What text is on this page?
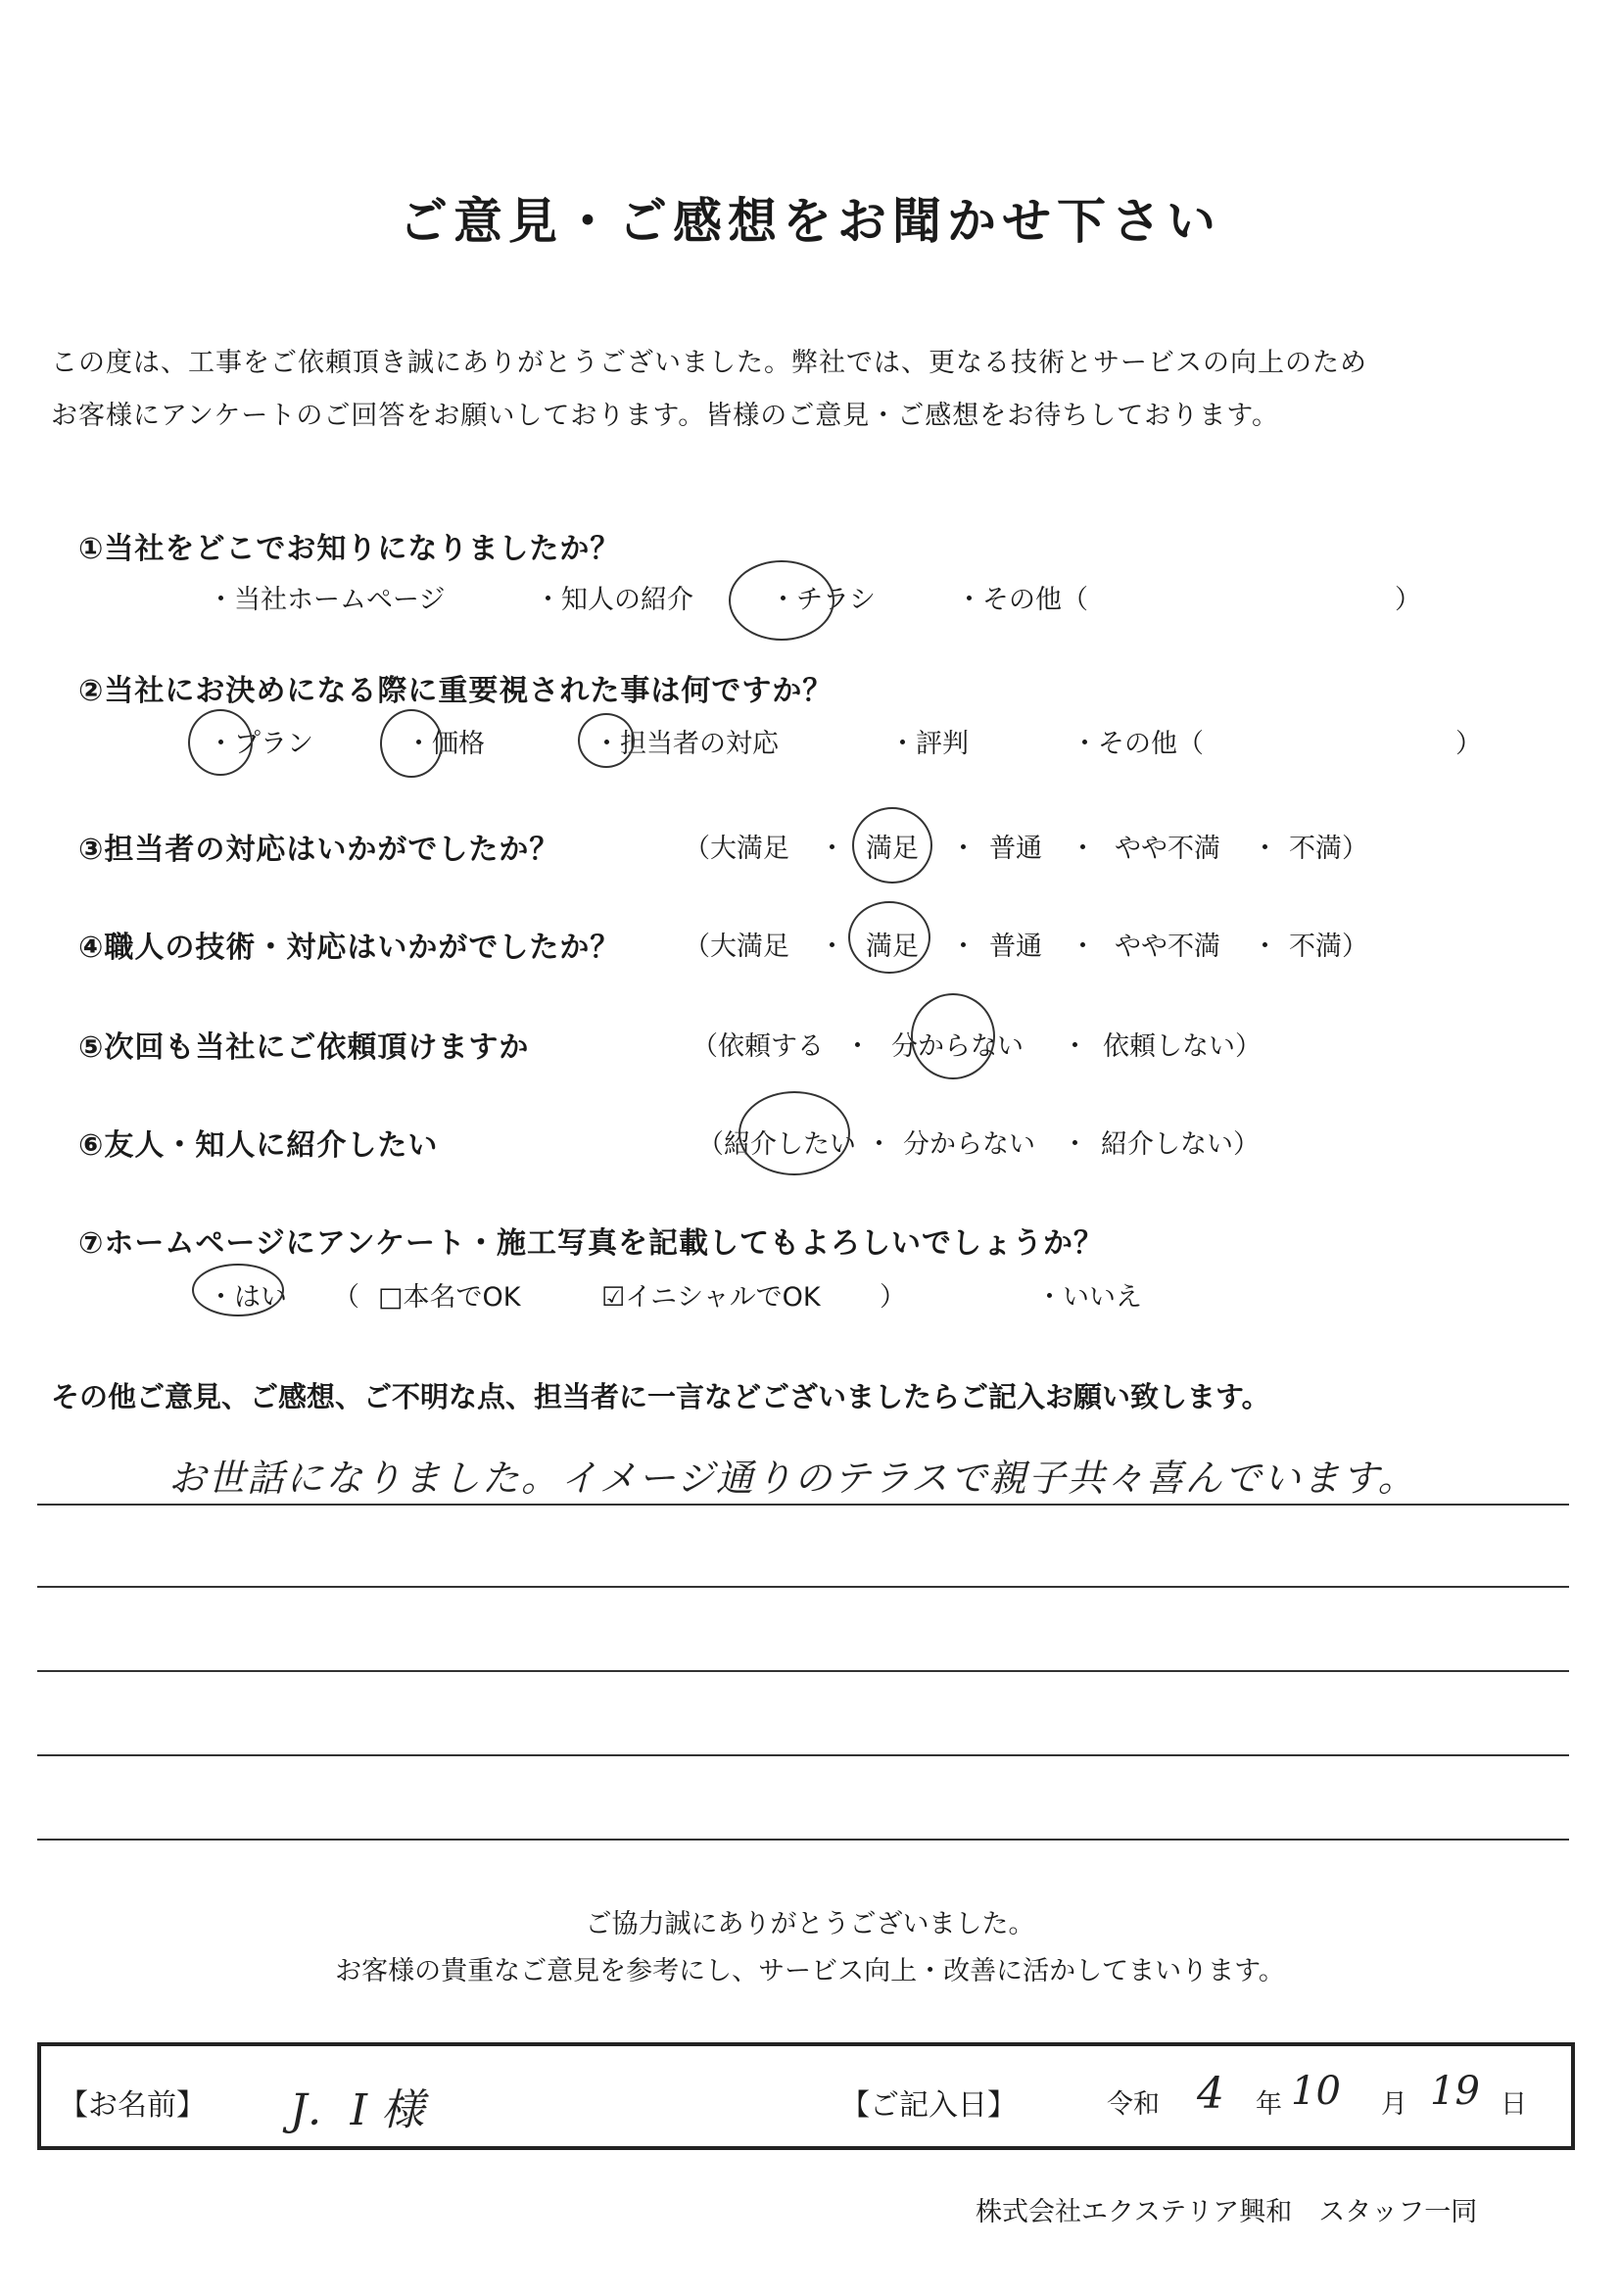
ご意見・ご感想をお聞かせ下さい
この度は、工事をご依頼頂き誠にありがとうございました。弊社では、更なる技術とサービスの向上のため
お客様にアンケートのご回答をお願いしております。皆様のご意見・ご感想をお待ちしております。
①当社をどこでお知りになりましたか？
・当社ホームページ	・知人の紹介	・チラシ	・その他（	）
②当社にお決めになる際に重要視された事は何ですか？
・プラン	・価格	・担当者の対応	・評判	・その他（	）
③担当者の対応はいかがでしたか？	（大満足 ・ 満足 ・ 普通 ・ やや不満 ・ 不満）
④職人の技術・対応はいかがでしたか？ （大満足 ・ 満足 ・ 普通 ・ やや不満 ・ 不満）
⑤次回も当社にご依頼頂けますか	（依頼する ・ 分からない ・ 依頼しない）
⑥友人・知人に紹介したい	（紹介したい ・ 分からない ・ 紹介しない）
⑦ホームページにアンケート・施工写真を記載してもよろしいでしょうか？
・はい （ □本名でOK	☑イニシャルでOK ）	・いいえ
その他ご意見、ご感想、ご不明な点、担当者に一言などございましたらご記入お願い致します。
お世話になりました。イメージ通りのテラスで親子共々喜んでいます。
ご協力誠にありがとうございました。
お客様の貴重なご意見を参考にし、サービス向上・改善に活かしてまいります。
【お名前】 J．I 様	【ご記入日】	令和 4 年 10 月 19 日
株式会社エクステリア興和　スタッフ一同
